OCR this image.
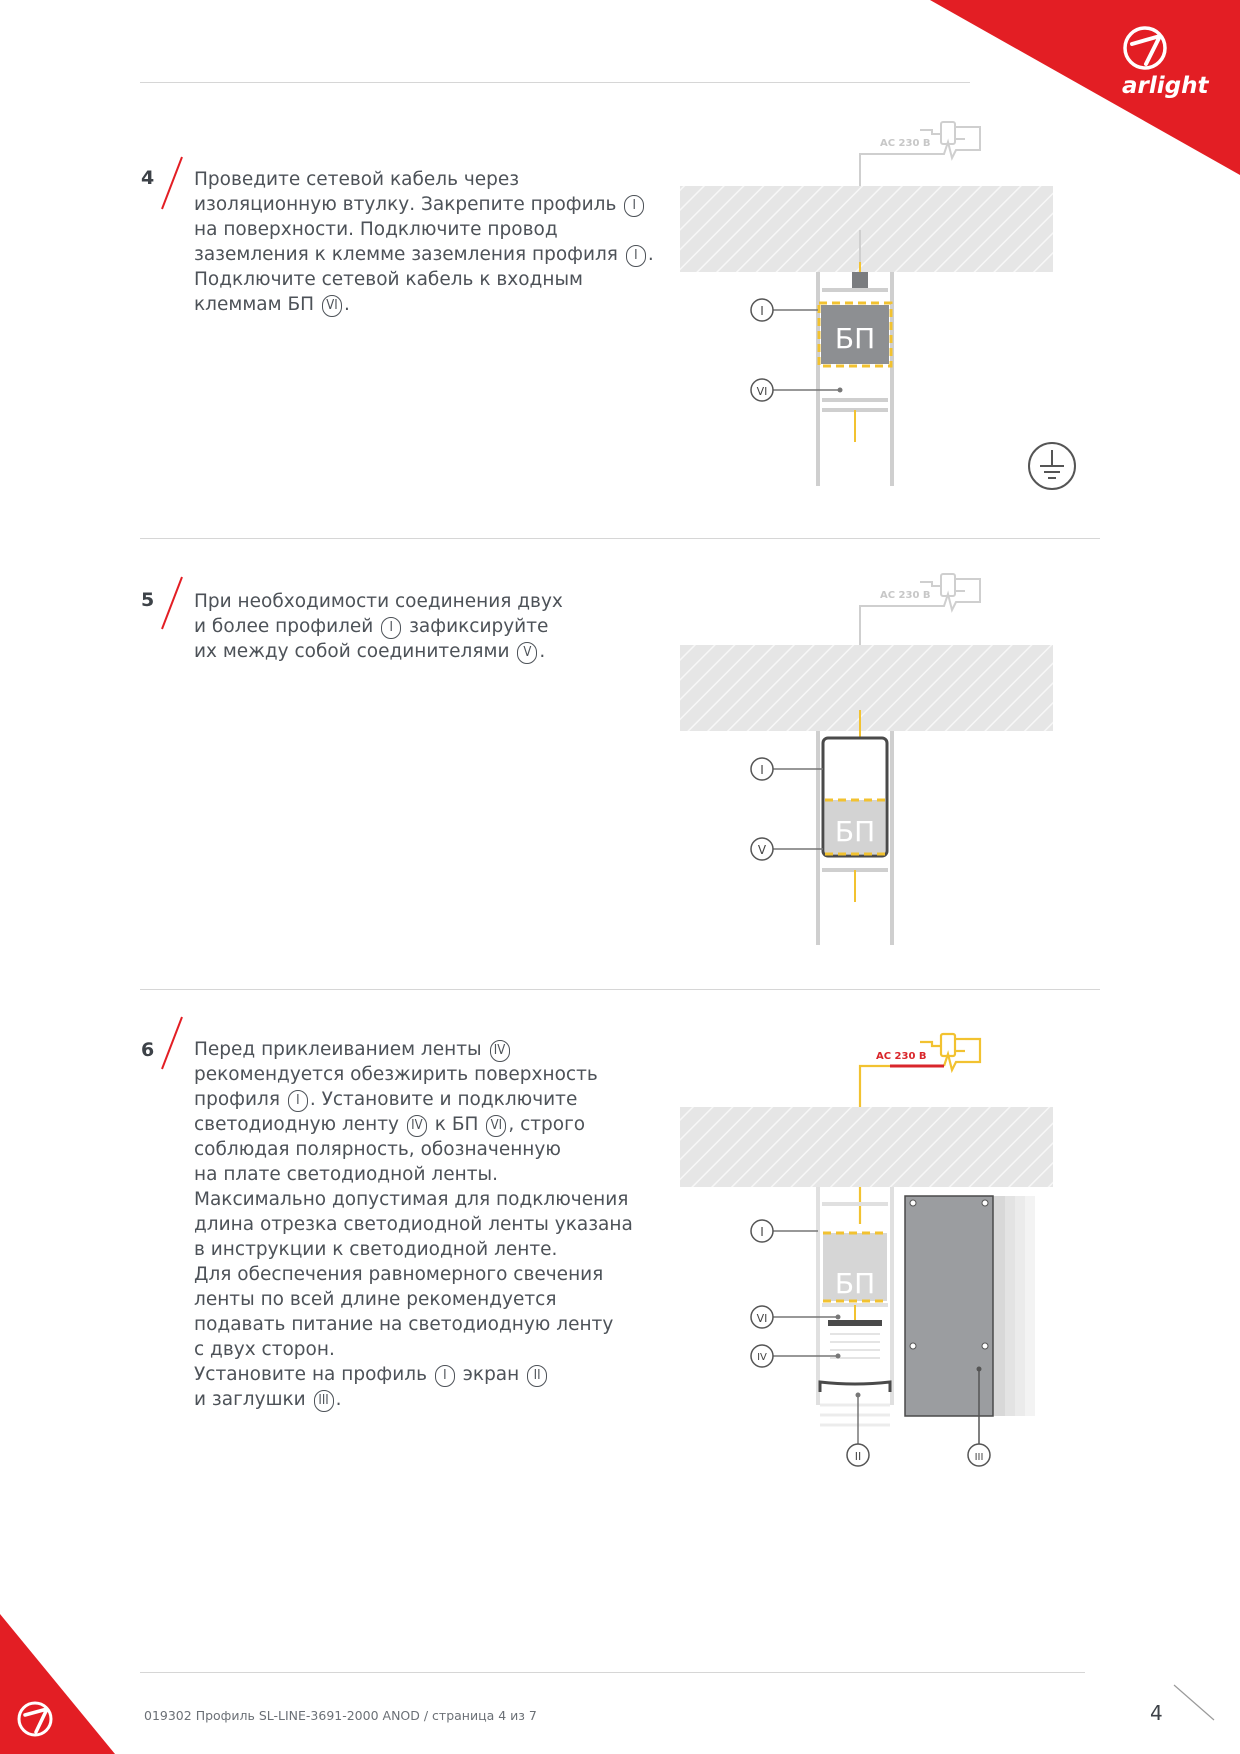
arlight
4
5
6
Проведите сетевой кабель через
изоляционную втулку. Закрепите профиль I
на поверхности. Подключите провод
заземления к клемме заземления профиля I .
Подключите сетевой кабель к входным
клеммам БП VI .
При необходимости соединения двух
и более профилей I зафиксируйте
их между собой соединителями V .
Перед приклеиванием ленты IV
рекомендуется обезжирить поверхность
профиля I . Установите и подключите
светодиодную ленту IV к БП VI , строго
соблюдая полярность, обозначенную
на плате светодиодной ленты.
Максимально допустимая для подключения
длина отрезка светодиодной ленты указана
в инструкции к светодиодной ленте.
Для обеспечения равномерного свечения
ленты по всей длине рекомендуется
подавать питание на светодиодную ленту
с двух сторон.
Установите на профиль I экран II
и заглушки III .
АС 230 В
БП
I
VI
АС 230 В
БП
I
V
АС 230 В
БП
I
VI
IV
II	III
019302 Профиль SL-LINE-3691-2000 ANOD / страница 4 из 7	4
